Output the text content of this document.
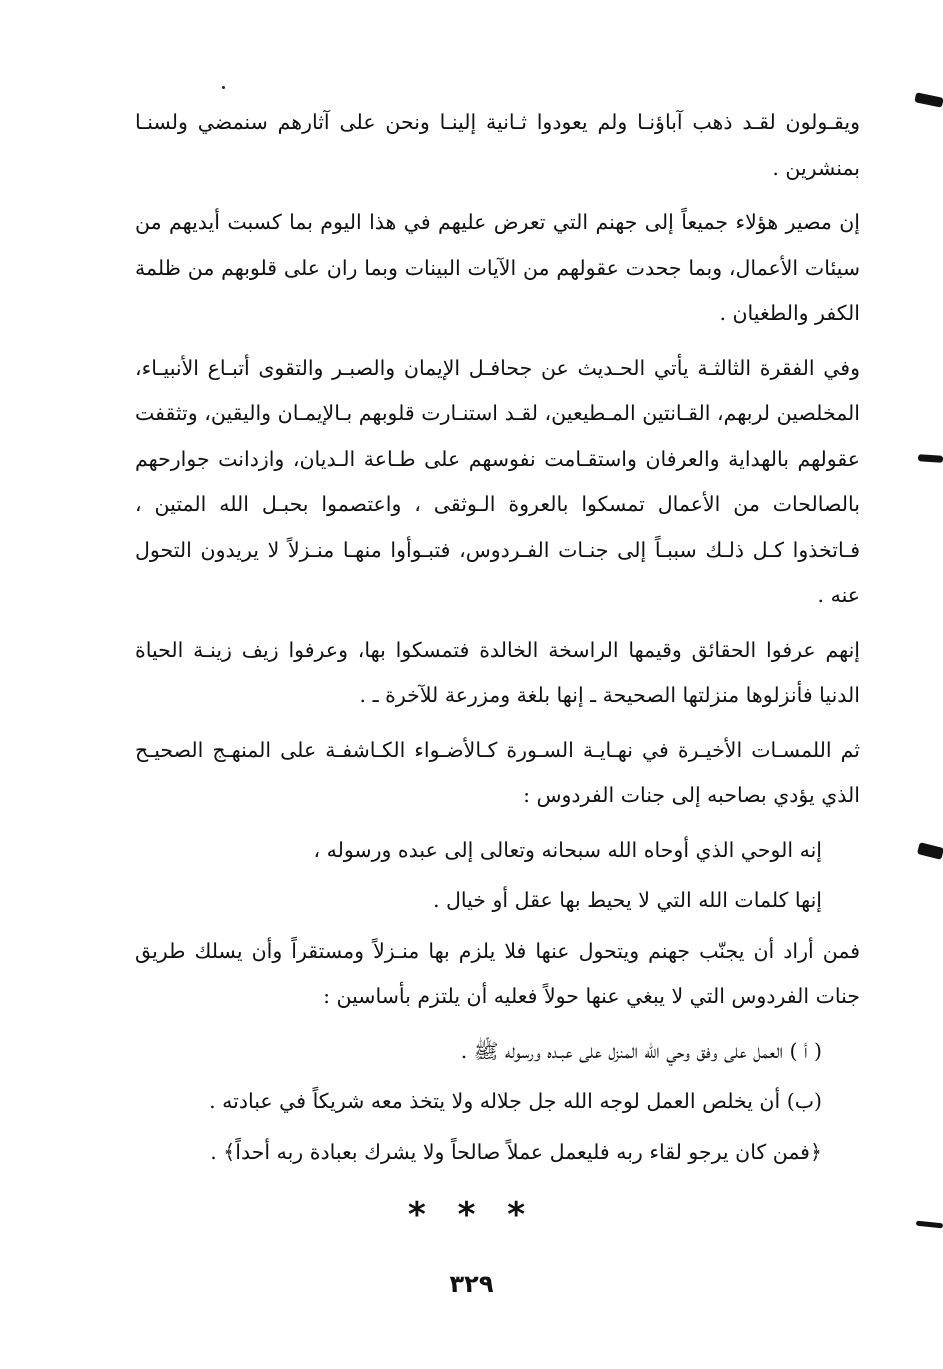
ويقـولون لقـد ذهب آباؤنـا ولم يعودوا ثـانية إلينـا ونحن على آثارهم سنمضي ولسنـا بمنشرين .

إن مصير هؤلاء جميعاً إلى جهنم التي تعرض عليهم في هذا اليوم بما كسبت أيديهم من سيئات الأعمال، وبما جحدت عقولهم من الآيات البينات وبما ران على قلوبهم من ظلمة الكفر والطغيان .

وفي الفقرة الثالثـة يأتي الحـديث عن جحافـل الإيمان والصبـر والتقوى أتبـاع الأنبيـاء، المخلصين لربهم، القـانتين المـطيعين، لقـد استنـارت قلوبهم بـالإيمـان واليقين، وتثقفت عقولهم بالهداية والعرفان واستقـامت نفوسهم على طـاعة الـديان، وازدانت جوارحهم بالصالحات من الأعمال تمسكوا بالعروة الـوثقى ، واعتصموا بحبـل الله المتين ، فـاتخذوا كـل ذلـك سببـاً إلى جنـات الفـردوس، فتبـوأوا منهـا منـزلاً لا يريدون التحول عنه .

إنهم عرفوا الحقائق وقيمها الراسخة الخالدة فتمسكوا بها، وعرفوا زيف زينـة الحياة الدنيا فأنزلوها منزلتها الصحيحة ـ إنها بلغة ومزرعة للآخرة ـ .

ثم اللمسـات الأخيـرة في نهـايـة السـورة كـالأضـواء الكـاشفـة على المنهـج الصحيـح الذي يؤدي بصاحبه إلى جنات الفردوس :

إنه الوحي الذي أوحاه الله سبحانه وتعالى إلى عبده ورسوله ،

إنها كلمات الله التي لا يحيط بها عقل أو خيال .

فمن أراد أن يجنّب جهنم ويتحول عنها فلا يلزم بها منـزلاً ومستقراً وأن يسلك طريق جنات الفردوس التي لا يبغي عنها حولاً فعليه أن يلتزم بأساسين :

( أ ) العمل على وفق وحي الله المنزل على عبـده ورسوله ﷺ .

(ب) أن يخلص العمل لوجه الله جل جلاله ولا يتخذ معه شريكاً في عبادته .

﴿فمن كان يرجو لقاء ربه فليعمل عملاً صالحاً ولا يشرك بعبادة ربه أحداً﴾ .

* * *
٣٢٩
